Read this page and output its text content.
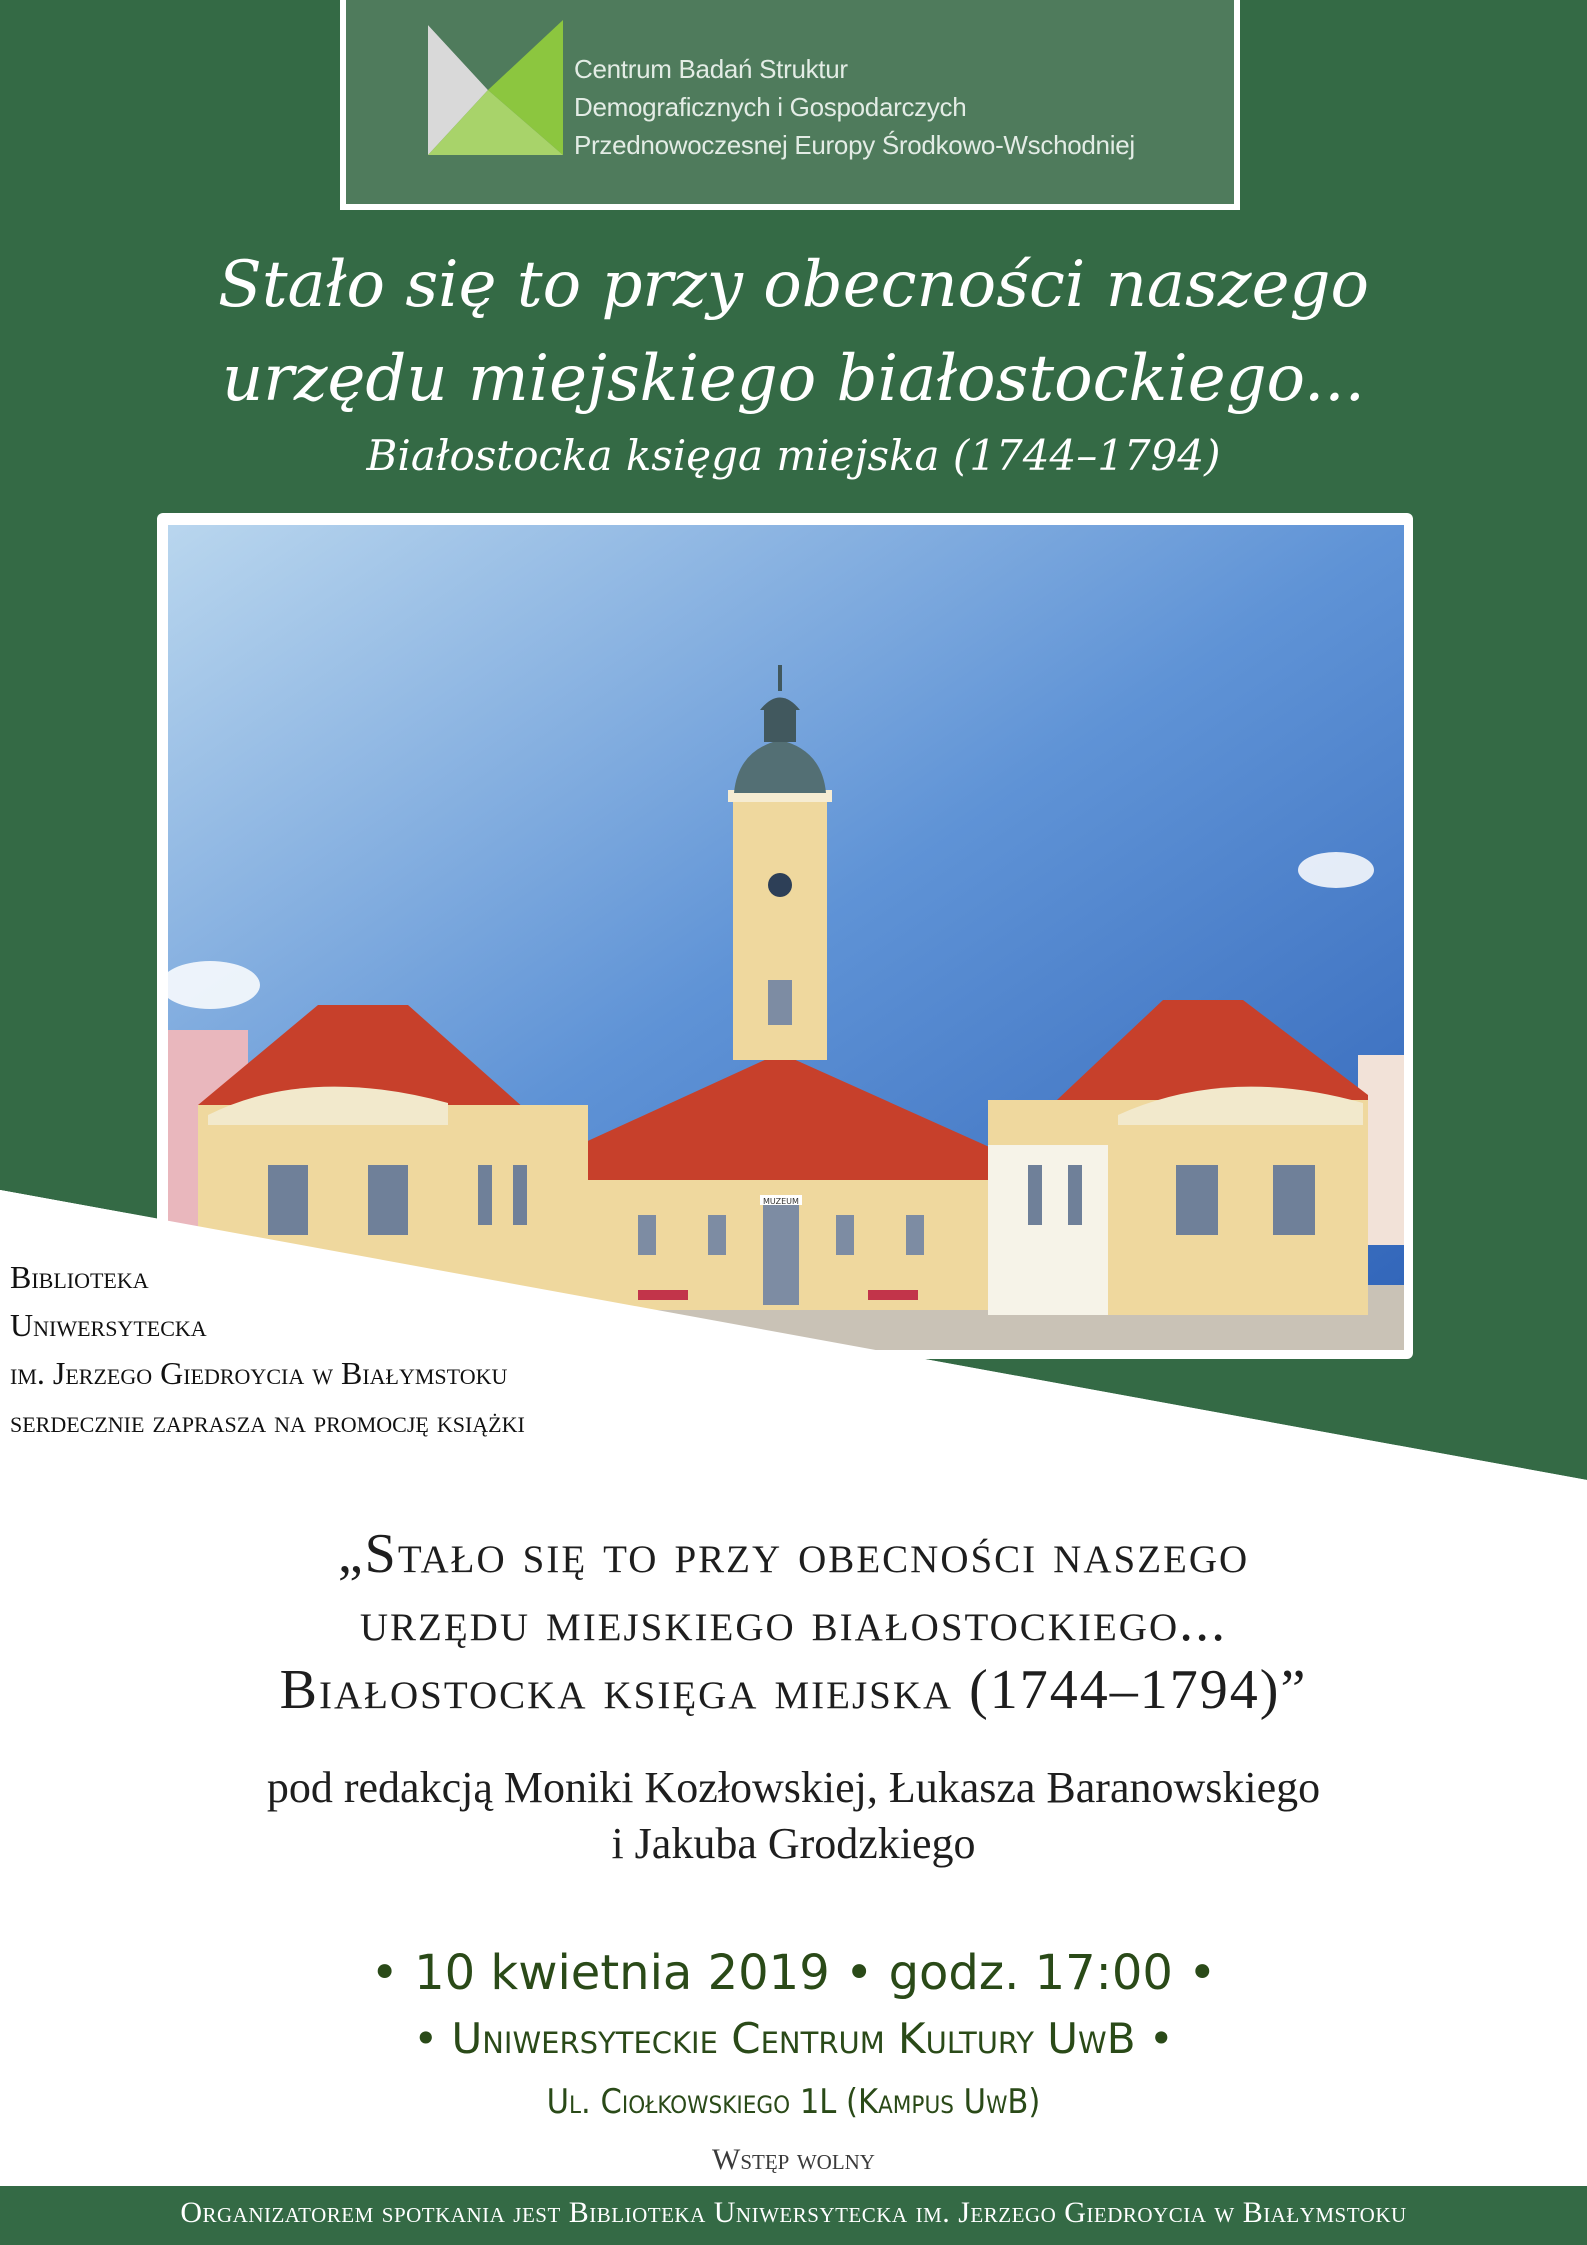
Centrum Badań Struktur
Demograficznych i Gospodarczych
Przednowoczesnej Europy Środkowo-Wschodniej
Stało się to przy obecności naszego
urzędu miejskiego białostockiego...
Białostocka księga miejska (1744–1794)
MUZEUM
Biblioteka
Uniwersytecka
im. Jerzego Giedroycia w Białymstoku
serdecznie zaprasza na promocję książki
„Stało się to przy obecności naszego
urzędu miejskiego białostockiego...
Białostocka księga miejska (1744–1794)”
pod redakcją Moniki Kozłowskiej, Łukasza Baranowskiego
i Jakuba Grodzkiego
• 10 kwietnia 2019 • godz. 17:00 •
• Uniwersyteckie Centrum Kultury UwB •
Ul. Ciołkowskiego 1L (Kampus UwB)
Wstęp wolny
Organizatorem spotkania jest Biblioteka Uniwersytecka im. Jerzego Giedroycia w Białymstoku
